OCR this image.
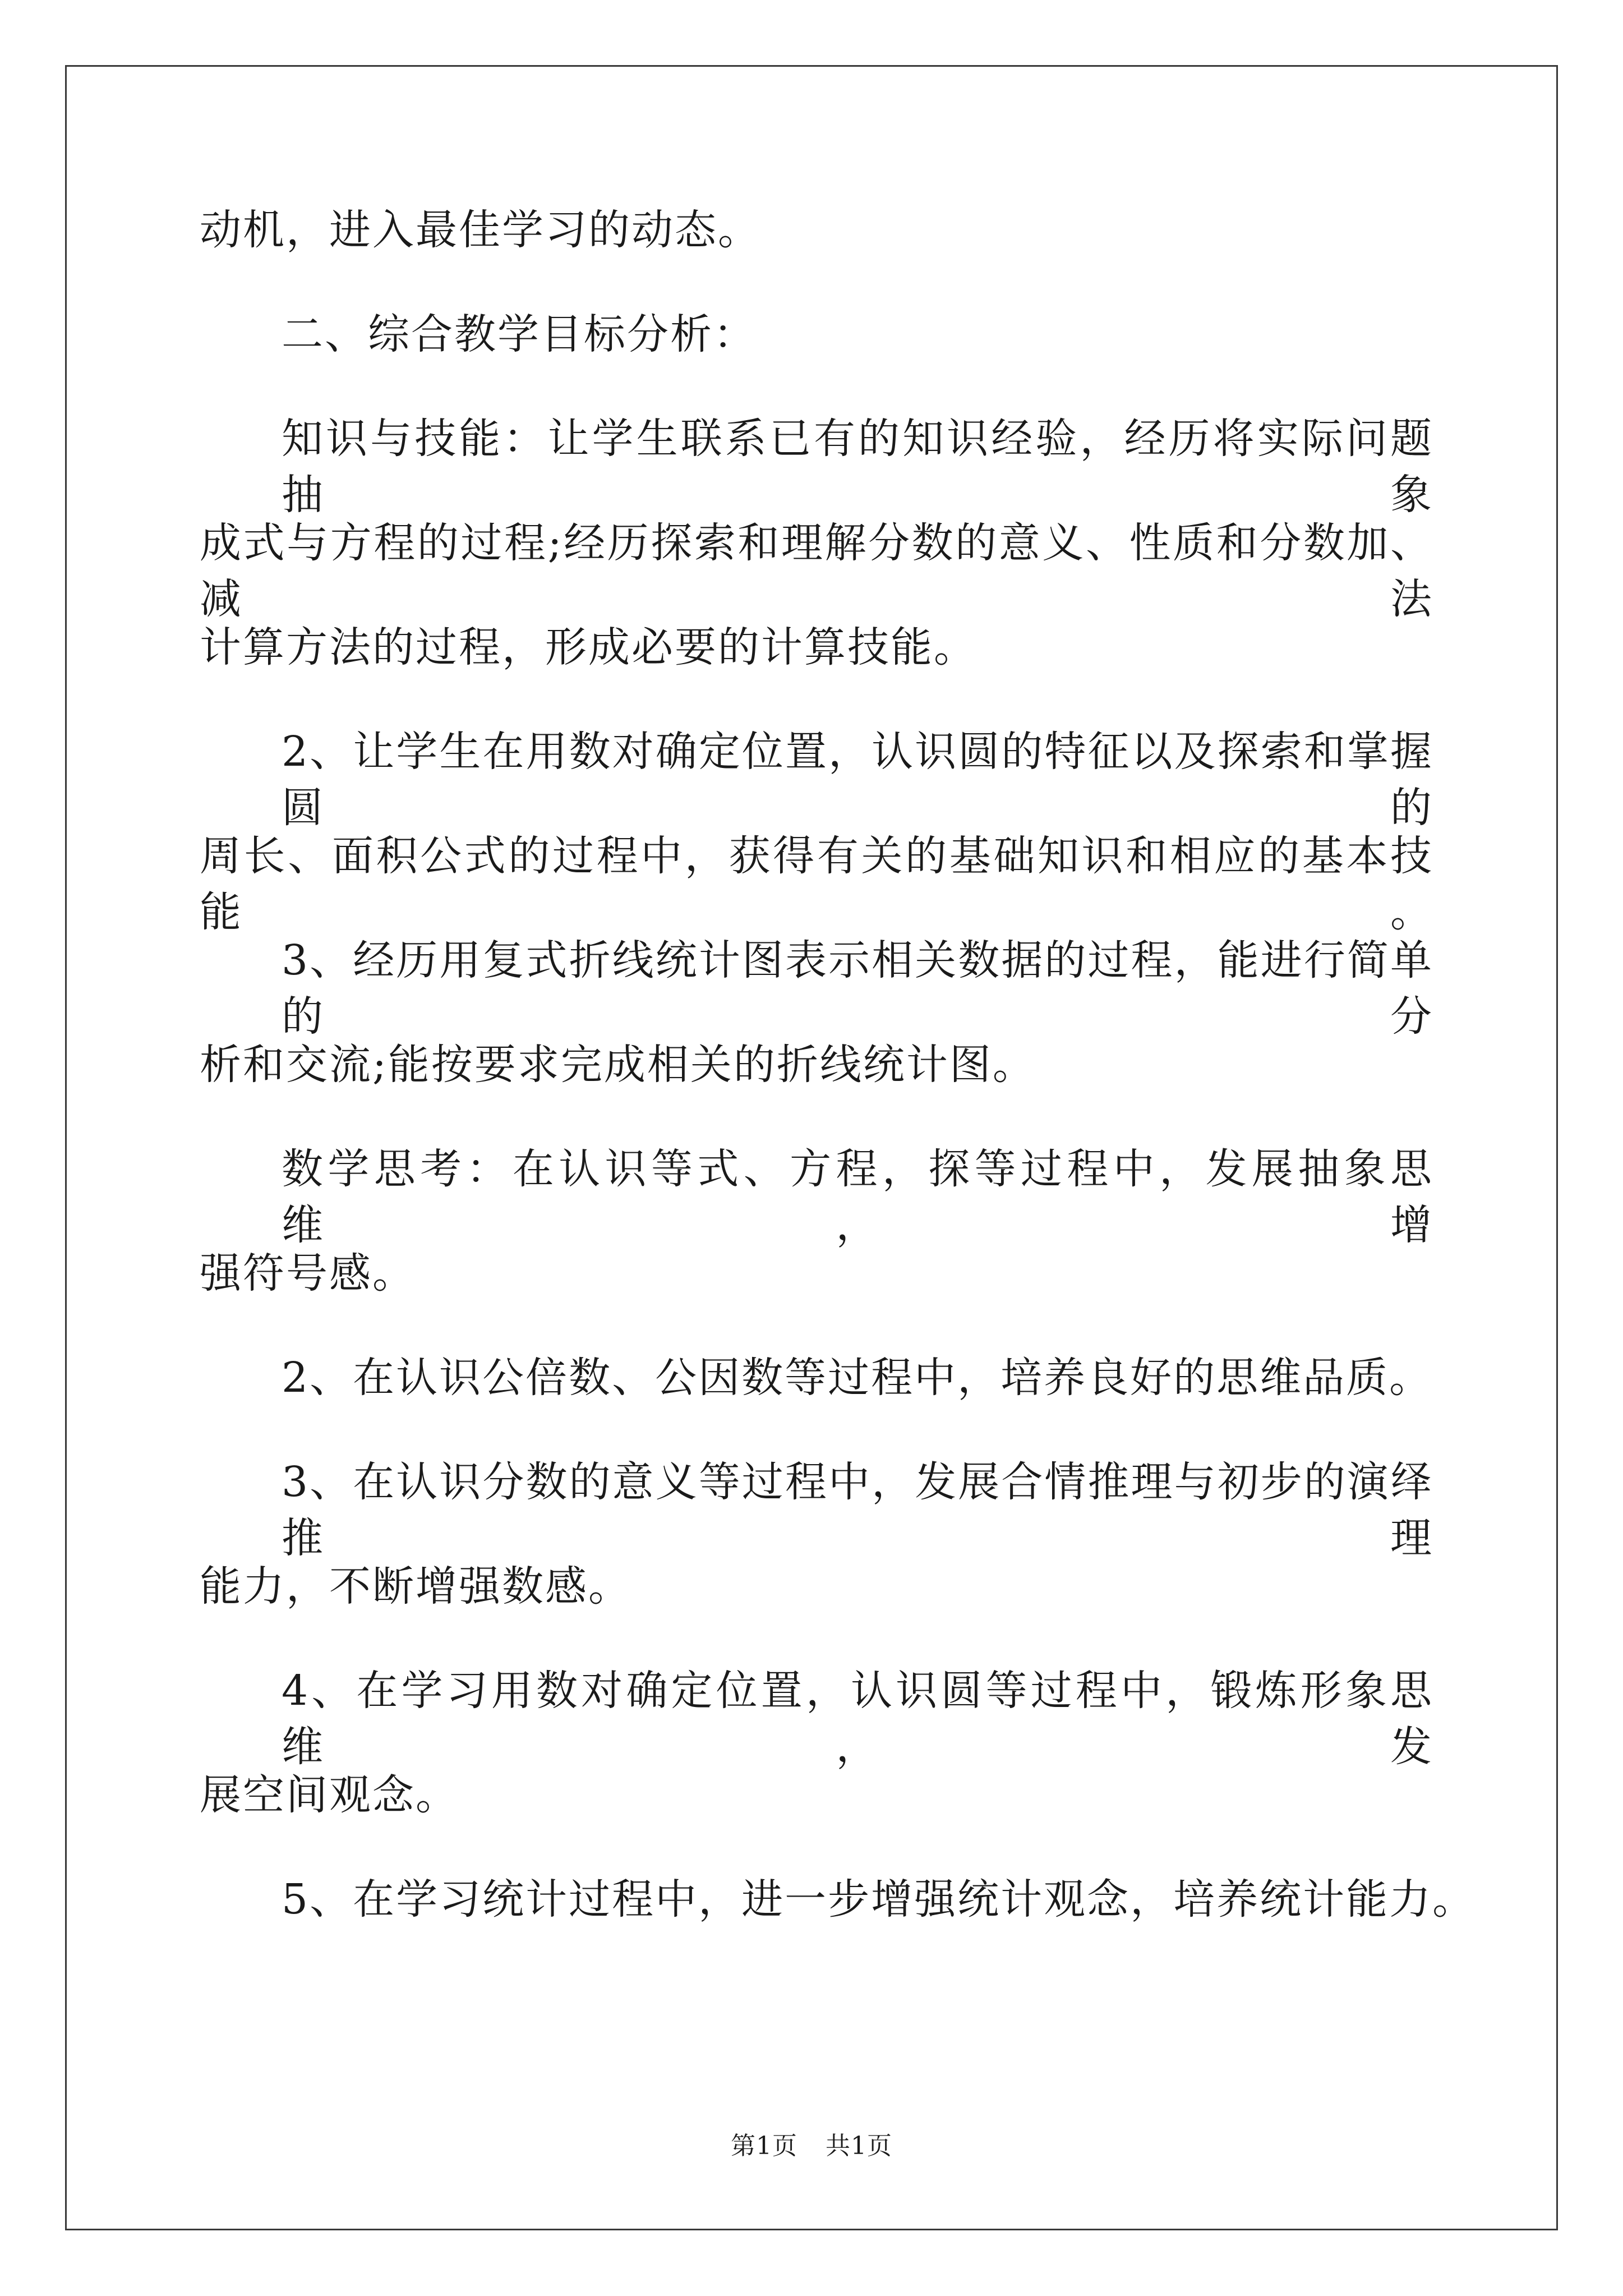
动机，进入最佳学习的动态。
二、综合教学目标分析：
知识与技能：让学生联系已有的知识经验，经历将实际问题抽象
成式与方程的过程;经历探索和理解分数的意义、性质和分数加、减法
计算方法的过程，形成必要的计算技能。
2、让学生在用数对确定位置，认识圆的特征以及探索和掌握圆的
周长、面积公式的过程中，获得有关的基础知识和相应的基本技能。
3、经历用复式折线统计图表示相关数据的过程，能进行简单的分
析和交流;能按要求完成相关的折线统计图。
数学思考：在认识等式、方程，探等过程中，发展抽象思维，增
强符号感。
2、在认识公倍数、公因数等过程中，培养良好的思维品质。
3、在认识分数的意义等过程中，发展合情推理与初步的演绎推理
能力，不断增强数感。
4、在学习用数对确定位置，认识圆等过程中，锻炼形象思维，发
展空间观念。
5、在学习统计过程中，进一步增强统计观念，培养统计能力。
第1页 共1页
